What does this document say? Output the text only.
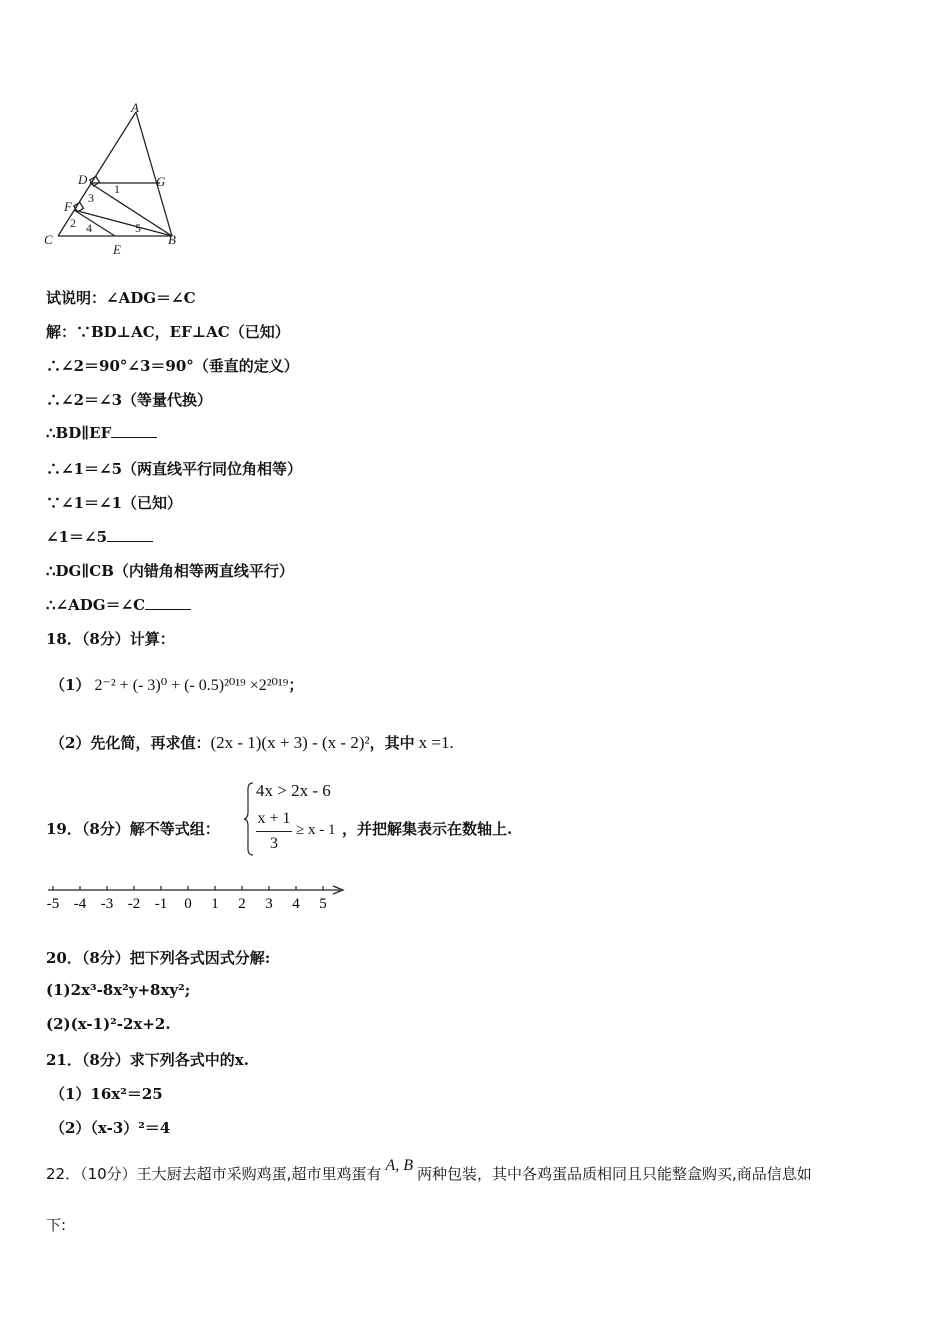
A
D	G
F
C
E
B
1
3
2 4	5
试说明：∠ADG＝∠C
解：∵BD⊥AC，EF⊥AC（已知）
∴∠2＝90°∠3＝90°（垂直的定义）
∴∠2＝∠3（等量代换）
∴BD∥EF
∴∠1＝∠5（两直线平行同位角相等）
∵∠1＝∠1（已知）
∠1＝∠5
∴DG∥CB（内错角相等两直线平行）
∴∠ADG＝∠C
18．（8分）计算：
（1） 2⁻² + (- 3)⁰ + (- 0.5)²⁰¹⁹ ×2²⁰¹⁹；
（2）先化简，再求值：(2x - 1)(x + 3) - (x - 2)²，其中 x =1.
19．（8分）解不等式组：
4x > 2x - 6
x + 1
3
≥ x - 1 ，并把解集表示在数轴上.
-5 -4 -3 -2 -1 0 1 2 3 4 5
20．（8分）把下列各式因式分解:
(1)2x³-8x²y+8xy²;
(2)(x-1)²-2x+2.
21．（8分）求下列各式中的x.
（1）16x²＝25
（2）（x-3）²＝4
22．（10分）王大厨去超市采购鸡蛋,超市里鸡蛋有 A, B 两种包装，其中各鸡蛋品质相同且只能整盒购买,商品信息如
下:
